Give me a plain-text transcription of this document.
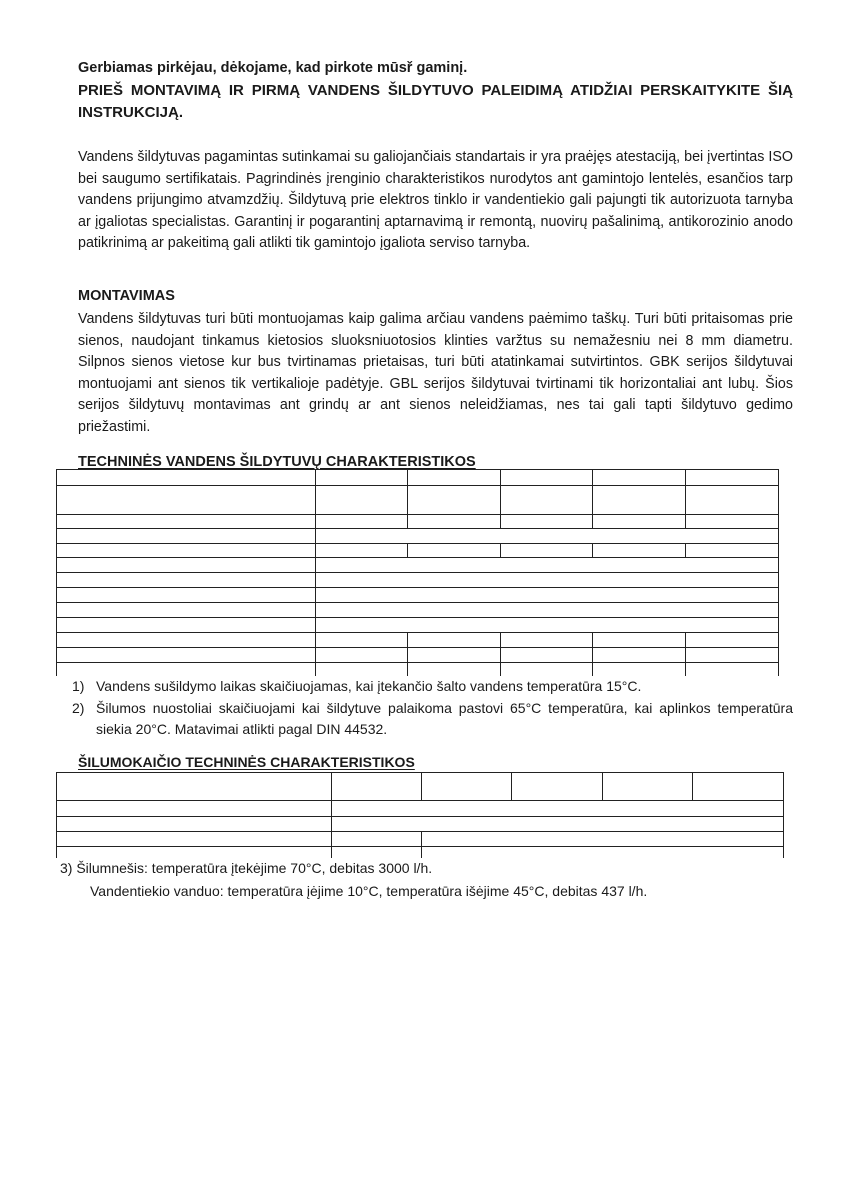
Gerbiamas pirkėjau, dėkojame, kad pirkote mūsř gaminį.
PRIEŠ MONTAVIMĄ IR PIRMĄ VANDENS ŠILDYTUVO PALEIDIMĄ ATIDŽIAI PERSKAITYKITE ŠIĄ INSTRUKCIJĄ.
Vandens šildytuvas pagamintas sutinkamai su galiojančiais standartais ir yra praėjęs atestaciją, bei įvertintas ISO bei saugumo sertifikatais. Pagrindinės įrenginio charakteristikos nurodytos ant gamintojo lentelės, esančios tarp vandens prijungimo atvamzdžių. Šildytuvą prie elektros tinklo ir vandentiekio gali pajungti tik autorizuota tarnyba ar įgaliotas specialistas. Garantinį ir pogarantinį aptarnavimą ir remontą, nuovirų pašalinimą, antikorozinio anodo patikrinimą ar pakeitimą gali atlikti tik gamintojo įgaliota serviso tarnyba.
MONTAVIMAS
Vandens šildytuvas turi būti montuojamas kaip galima arčiau vandens paėmimo taškų. Turi būti pritaisomas prie sienos, naudojant tinkamus kietosios sluoksniuotosios klinties varžtus su nemažesniu nei 8 mm diametru. Silpnos sienos vietose kur bus tvirtinamas prietaisas, turi būti atatinkamai sutvirtintos. GBK serijos šildytuvai montuojami ant sienos tik vertikalioje padėtyje. GBL serijos šildytuvai tvirtinami tik horizontaliai ant lubų. Šios serijos šildytuvų montavimas ant grindų ar ant sienos neleidžiamas, nes tai gali tapti šildytuvo gedimo priežastimi.
TECHNINĖS VANDENS ŠILDYTUVŲ CHARAKTERISTIKOS
1) Vandens sušildymo laikas skaičiuojamas, kai įtekančio šalto vandens temperatūra 15°C.
2) Šilumos nuostoliai skaičiuojami kai šildytuve palaikoma pastovi 65°C temperatūra, kai aplinkos temperatūra siekia 20°C. Matavimai atlikti pagal DIN 44532.
ŠILUMOKAIČIO TECHNINĖS CHARAKTERISTIKOS
3) Šilumnešis: temperatūra įtekėjime 70°C, debitas 3000 l/h.
Vandentiekio vanduo: temperatūra įėjime 10°C, temperatūra išėjime 45°C, debitas 437 l/h.
